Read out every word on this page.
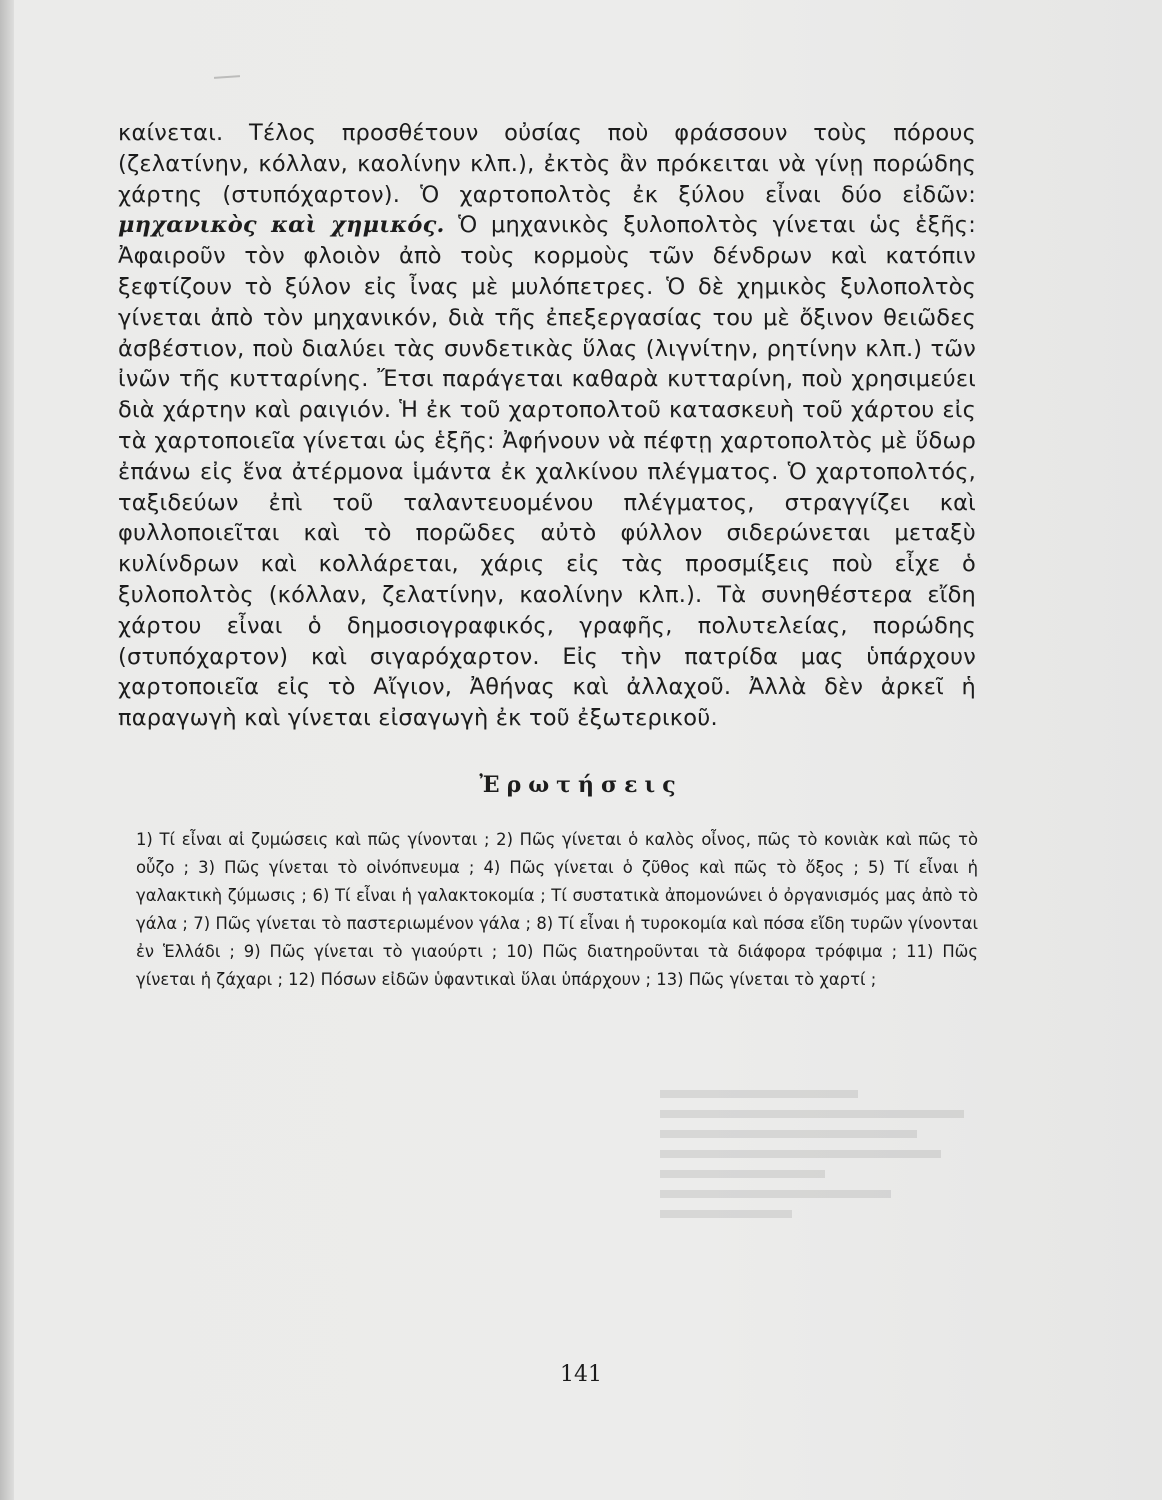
καίνεται. Τέλος προσθέτουν οὐσίας ποὺ φράσσουν τοὺς πόρους (ζελατίνην, κόλλαν, καολίνην κλπ.), ἐκτὸς ἂν πρόκειται νὰ γίνῃ πορώδης χάρτης (στυπόχαρτον). Ὁ χαρτοπολτὸς ἐκ ξύλου εἶναι δύο εἰδῶν: μηχανικὸς καὶ χημικός. Ὁ μηχανικὸς ξυλοπολτὸς γίνεται ὡς ἑξῆς: Ἀφαιροῦν τὸν φλοιὸν ἀπὸ τοὺς κορμοὺς τῶν δένδρων καὶ κατόπιν ξεφτίζουν τὸ ξύλον εἰς ἶνας μὲ μυλόπετρες. Ὁ δὲ χημικὸς ξυλοπολτὸς γίνεται ἀπὸ τὸν μηχανικόν, διὰ τῆς ἐπεξεργασίας του μὲ ὄξινον θειῶδες ἀσβέστιον, ποὺ διαλύει τὰς συνδετικὰς ὕλας (λιγνίτην, ρητίνην κλπ.) τῶν ἰνῶν τῆς κυτταρίνης. Ἔτσι παράγεται καθαρὰ κυτταρίνη, ποὺ χρησιμεύει διὰ χάρτην καὶ ραιγιόν. Ἡ ἐκ τοῦ χαρτοπολτοῦ κατασκευὴ τοῦ χάρτου εἰς τὰ χαρτοποιεῖα γίνεται ὡς ἑξῆς: Ἀφήνουν νὰ πέφτῃ χαρτοπολτὸς μὲ ὕδωρ ἐπάνω εἰς ἕνα ἀτέρμονα ἱμάντα ἐκ χαλκίνου πλέγματος. Ὁ χαρτοπολτός, ταξιδεύων ἐπὶ τοῦ ταλαντευομένου πλέγματος, στραγγίζει καὶ φυλλοποιεῖται καὶ τὸ πορῶδες αὐτὸ φύλλον σιδερώνεται μεταξὺ κυλίνδρων καὶ κολλάρεται, χάρις εἰς τὰς προσμίξεις ποὺ εἶχε ὁ ξυλοπολτὸς (κόλλαν, ζελατίνην, καολίνην κλπ.). Τὰ συνηθέστερα εἴδη χάρτου εἶναι ὁ δημοσιογραφικός, γραφῆς, πολυτελείας, πορώδης (στυπόχαρτον) καὶ σιγαρόχαρτον. Εἰς τὴν πατρίδα μας ὑπάρχουν χαρτοποιεῖα εἰς τὸ Αἴγιον, Ἀθήνας καὶ ἀλλαχοῦ. Ἀλλὰ δὲν ἀρκεῖ ἡ παραγωγὴ καὶ γίνεται εἰσαγωγὴ ἐκ τοῦ ἐξωτερικοῦ.

Ἐρωτήσεις

1) Τί εἶναι αἱ ζυμώσεις καὶ πῶς γίνονται ; 2) Πῶς γίνεται ὁ καλὸς οἶνος, πῶς τὸ κονιὰκ καὶ πῶς τὸ οὖζο ; 3) Πῶς γίνεται τὸ οἰνόπνευμα ; 4) Πῶς γίνεται ὁ ζῦθος καὶ πῶς τὸ ὄξος ; 5) Τί εἶναι ἡ γαλακτικὴ ζύμωσις ; 6) Τί εἶναι ἡ γαλακτοκομία ; Τί συστατικὰ ἀπομονώνει ὁ ὀργανισμός μας ἀπὸ τὸ γάλα ; 7) Πῶς γίνεται τὸ παστεριωμένον γάλα ; 8) Τί εἶναι ἡ τυροκομία καὶ πόσα εἴδη τυρῶν γίνονται ἐν Ἑλλάδι ; 9) Πῶς γίνεται τὸ γιαούρτι ; 10) Πῶς διατηροῦνται τὰ διάφορα τρόφιμα ; 11) Πῶς γίνεται ἡ ζάχαρι ; 12) Πόσων εἰδῶν ὑφαντικαὶ ὕλαι ὑπάρχουν ; 13) Πῶς γίνεται τὸ χαρτί ;

141
